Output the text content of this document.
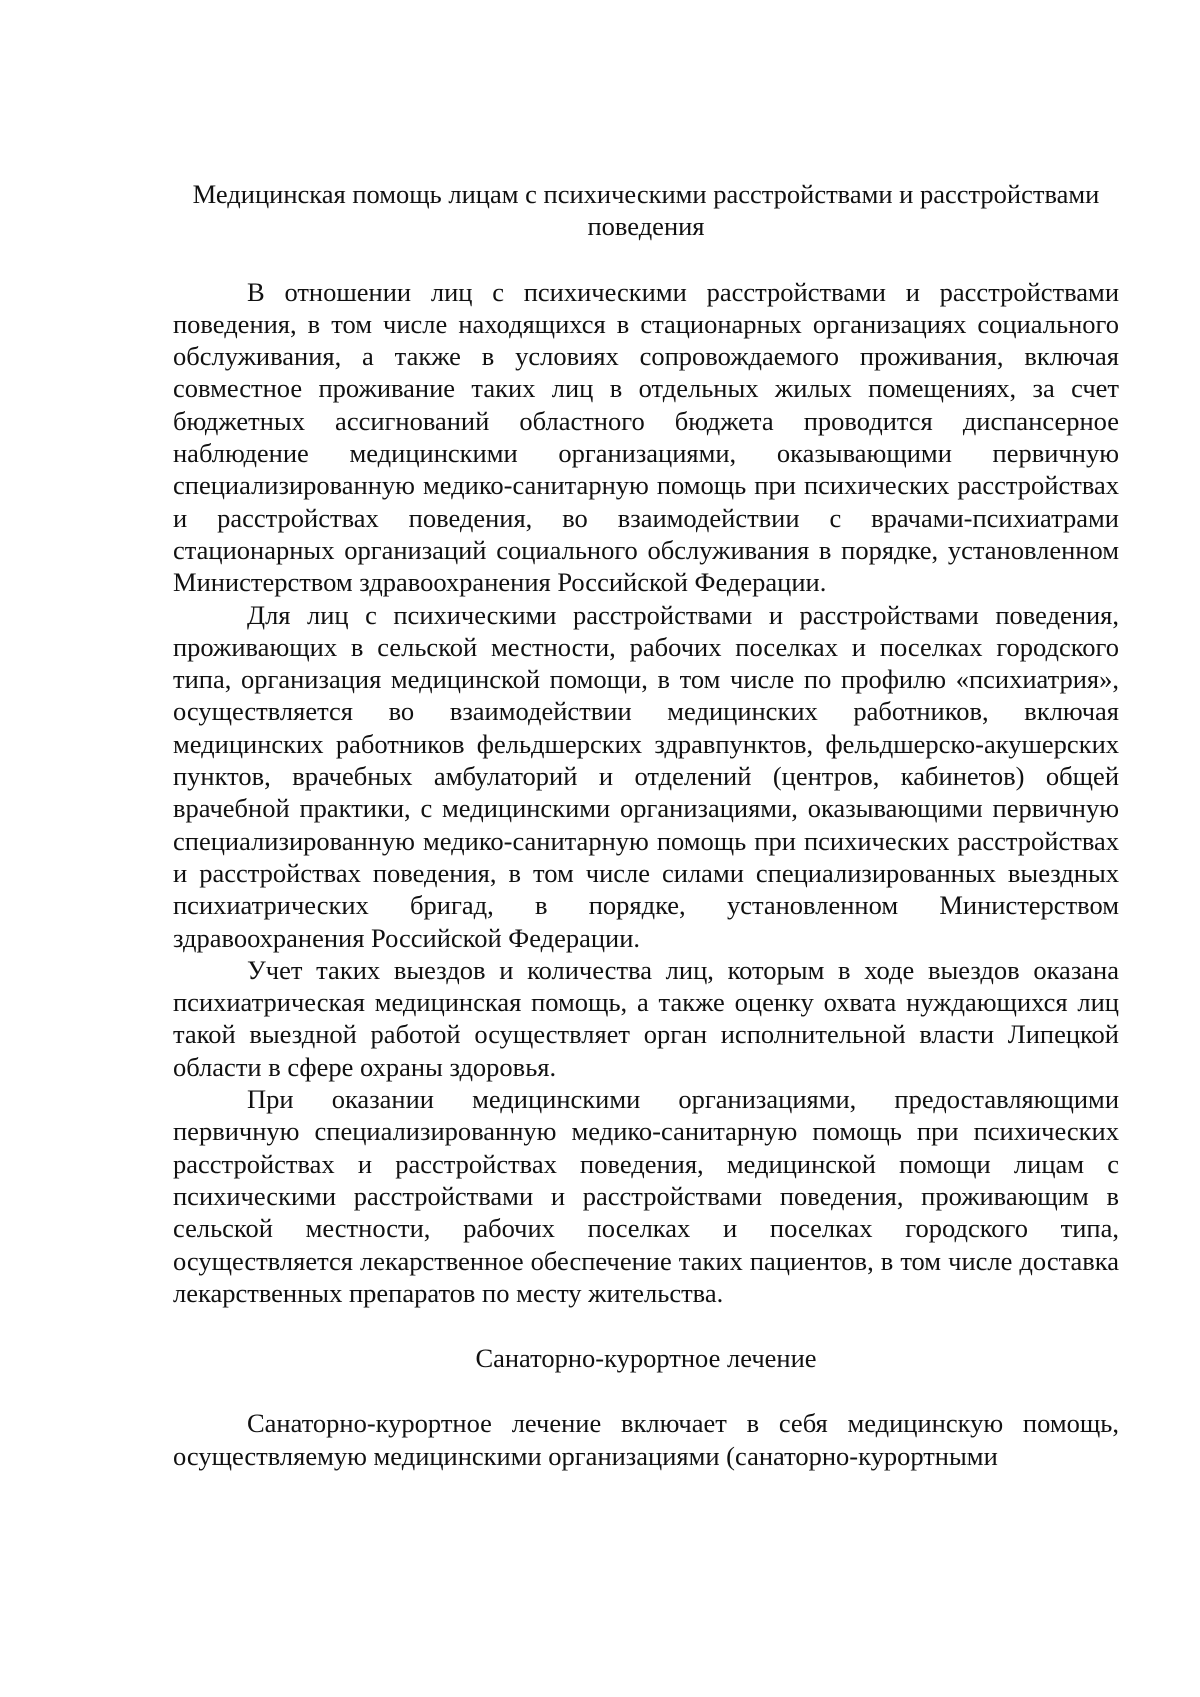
Медицинская помощь лицам с психическими расстройствами и расстройствами поведения

В отношении лиц с психическими расстройствами и расстройствами поведения, в том числе находящихся в стационарных организациях социального обслуживания, а также в условиях сопровождаемого проживания, включая совместное проживание таких лиц в отдельных жилых помещениях, за счет бюджетных ассигнований областного бюджета проводится диспансерное наблюдение медицинскими организациями, оказывающими первичную специализированную медико-санитарную помощь при психических расстройствах и расстройствах поведения, во взаимодействии с врачами-психиатрами стационарных организаций социального обслуживания в порядке, установленном Министерством здравоохранения Российской Федерации.

Для лиц с психическими расстройствами и расстройствами поведения, проживающих в сельской местности, рабочих поселках и поселках городского типа, организация медицинской помощи, в том числе по профилю «психиатрия», осуществляется во взаимодействии медицинских работников, включая медицинских работников фельдшерских здравпунктов, фельдшерско-акушерских пунктов, врачебных амбулаторий и отделений (центров, кабинетов) общей врачебной практики, с медицинскими организациями, оказывающими первичную специализированную медико-санитарную помощь при психических расстройствах и расстройствах поведения, в том числе силами специализированных выездных психиатрических бригад, в порядке, установленном Министерством здравоохранения Российской Федерации.

Учет таких выездов и количества лиц, которым в ходе выездов оказана психиатрическая медицинская помощь, а также оценку охвата нуждающихся лиц такой выездной работой осуществляет орган исполнительной власти Липецкой области в сфере охраны здоровья.

При оказании медицинскими организациями, предоставляющими первичную специализированную медико-санитарную помощь при психических расстройствах и расстройствах поведения, медицинской помощи лицам с психическими расстройствами и расстройствами поведения, проживающим в сельской местности, рабочих поселках и поселках городского типа, осуществляется лекарственное обеспечение таких пациентов, в том числе доставка лекарственных препаратов по месту жительства.

Санаторно-курортное лечение

Санаторно-курортное лечение включает в себя медицинскую помощь, осуществляемую медицинскими организациями (санаторно-курортными
